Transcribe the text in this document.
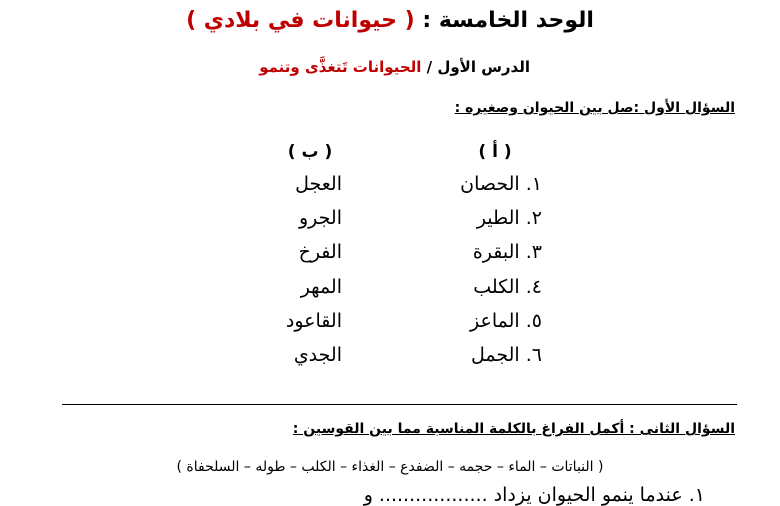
الوحد الخامسة : ( حيوانات في بلادي )
الدرس الأول / الحيوانات تَتغذَّى وتنمو
السؤال الأول :صل بين الحيوان وصغيره :
( أ )
( ب )
١. الحصان
٢. الطير
٣. البقرة
٤. الكلب
٥. الماعز
٦. الجمل
العجل
الجرو
الفرخ
المهر
القاعود
الجدي
السؤال الثانى : أكمل الفراغ بالكلمة المناسبة مما بين القوسين :
( النباتات – الماء – حجمه – الضفدع – الغذاء – الكلب – طوله – السلحفاة )
١. عندما ينمو الحيوان يزداد .................. و
